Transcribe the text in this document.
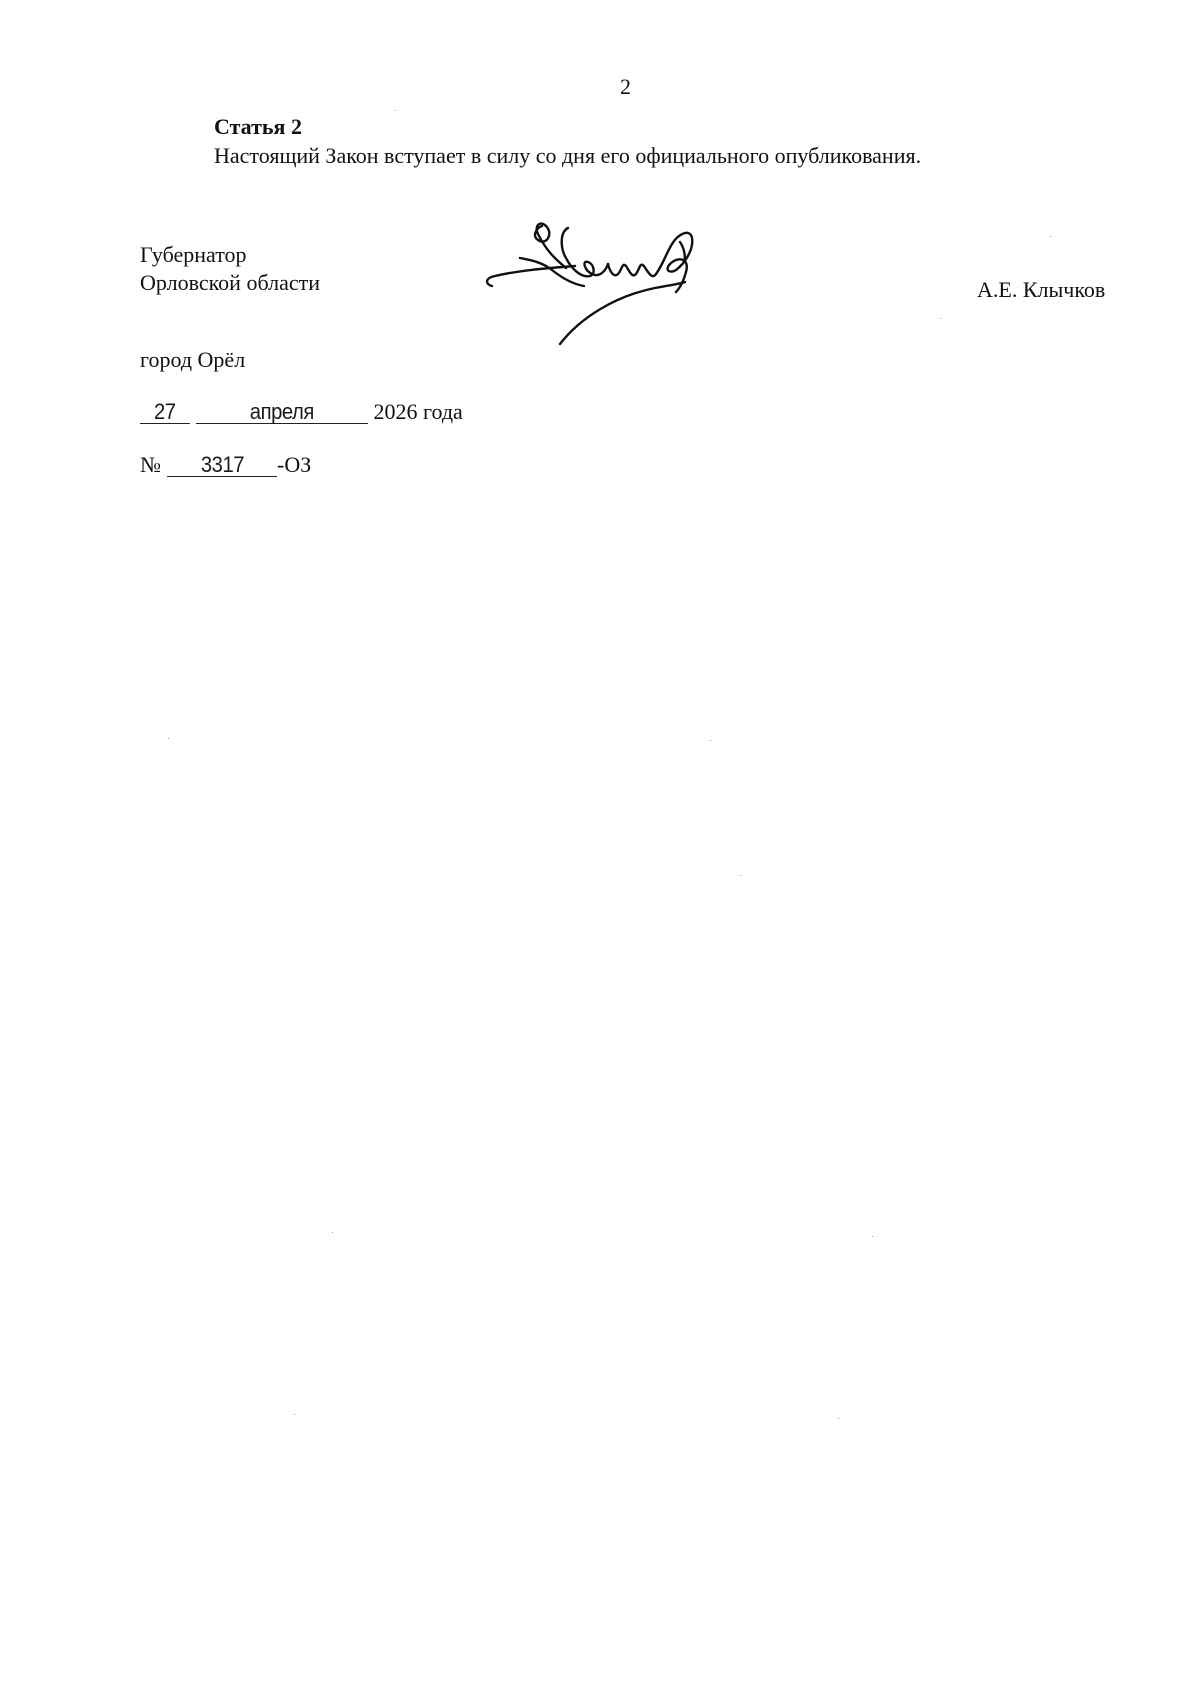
2
Статья 2
Настоящий Закон вступает в силу со дня его официального опубликования.
Губернатор
Орловской области	А.Е. Клычков
город Орёл
27	апреля	2026 года
№ 3317 -ОЗ
